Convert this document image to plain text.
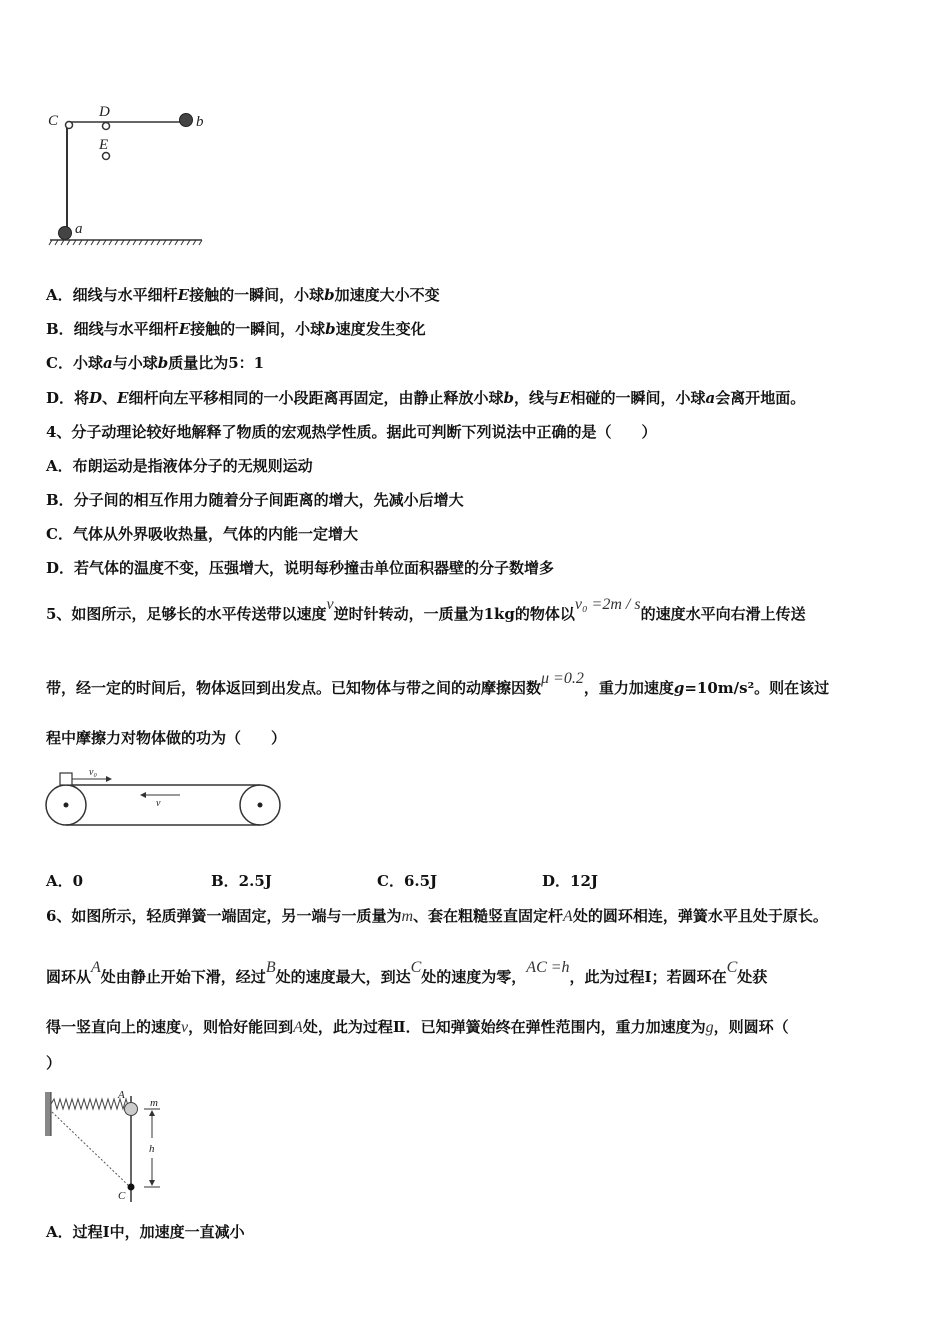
C
D
E
b
a
A．细线与水平细杆E接触的一瞬间，小球b加速度大小不变
B．细线与水平细杆E接触的一瞬间，小球b速度发生变化
C．小球a与小球b质量比为5：1
D．将D、E细杆向左平移相同的一小段距离再固定，由静止释放小球b，线与E相碰的一瞬间，小球a会离开地面。
4、分子动理论较好地解释了物质的宏观热学性质。据此可判断下列说法中正确的是（　　）
A．布朗运动是指液体分子的无规则运动
B．分子间的相互作用力随着分子间距离的增大，先减小后增大
C．气体从外界吸收热量，气体的内能一定增大
D．若气体的温度不变，压强增大，说明每秒撞击单位面积器壁的分子数增多
5、如图所示，足够长的水平传送带以速度v逆时针转动，一质量为1kg的物体以v₀ =2m / s的速度水平向右滑上传送
带，经一定的时间后，物体返回到出发点。已知物体与带之间的动摩擦因数μ =0.2，重力加速度g=10m/s²。则在该过
程中摩擦力对物体做的功为（　　）
v₀
v
A．0	B．2.5J	C．6.5J	D．12J
6、如图所示，轻质弹簧一端固定，另一端与一质量为m、套在粗糙竖直固定杆A处的圆环相连，弹簧水平且处于原长。
圆环从A处由静止开始下滑，经过B处的速度最大，到达C处的速度为零，AC =h，此为过程Ⅰ；若圆环在C处获
得一竖直向上的速度v，则恰好能回到A处，此为过程Ⅱ．已知弹簧始终在弹性范围内，重力加速度为g，则圆环（
）
A
C
m
h
A．过程Ⅰ中，加速度一直减小
